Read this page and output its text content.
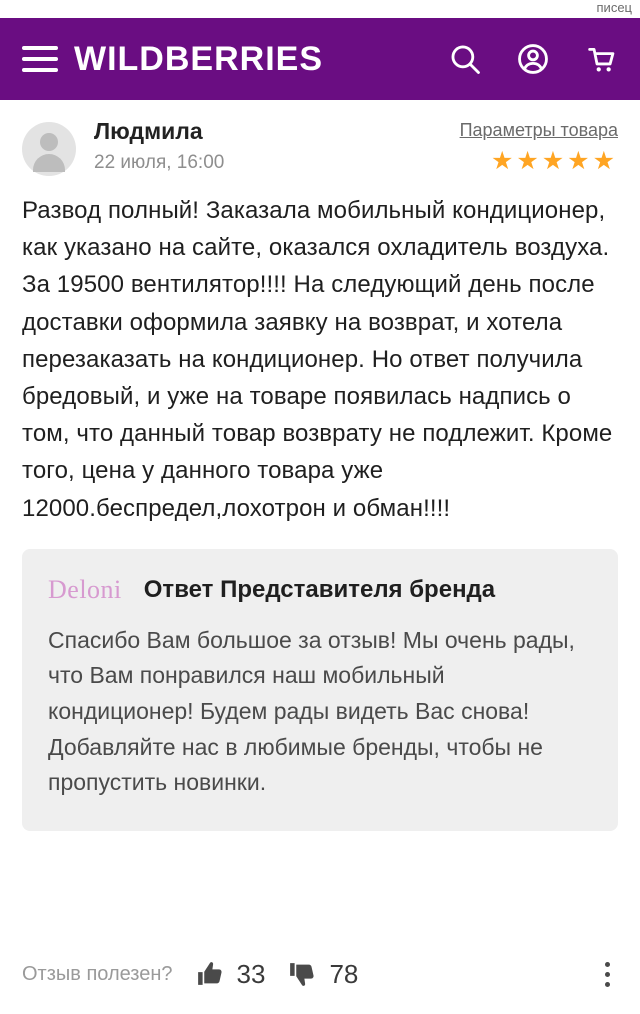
писец
WILDBERRIES
Людмила
22 июля, 16:00
Параметры товара
★★★★★
Развод полный! Заказала мобильный кондиционер, как указано на сайте, оказался охладитель воздуха. За 19500 вентилятор!!!! На следующий день после доставки оформила заявку на возврат, и хотела перезаказать на кондиционер. Но ответ получила бредовый, и уже на товаре появилась надпись о том, что данный товар возврату не подлежит. Кроме того, цена у данного товара уже 12000.беспредел,лохотрон и обман!!!!
Deloni Ответ Представителя бренда
Спасибо Вам большое за отзыв! Мы очень рады, что Вам понравился наш мобильный кондиционер! Будем рады видеть Вас снова! Добавляйте нас в любимые бренды, чтобы не пропустить новинки.
Отзыв полезен? 33 78
